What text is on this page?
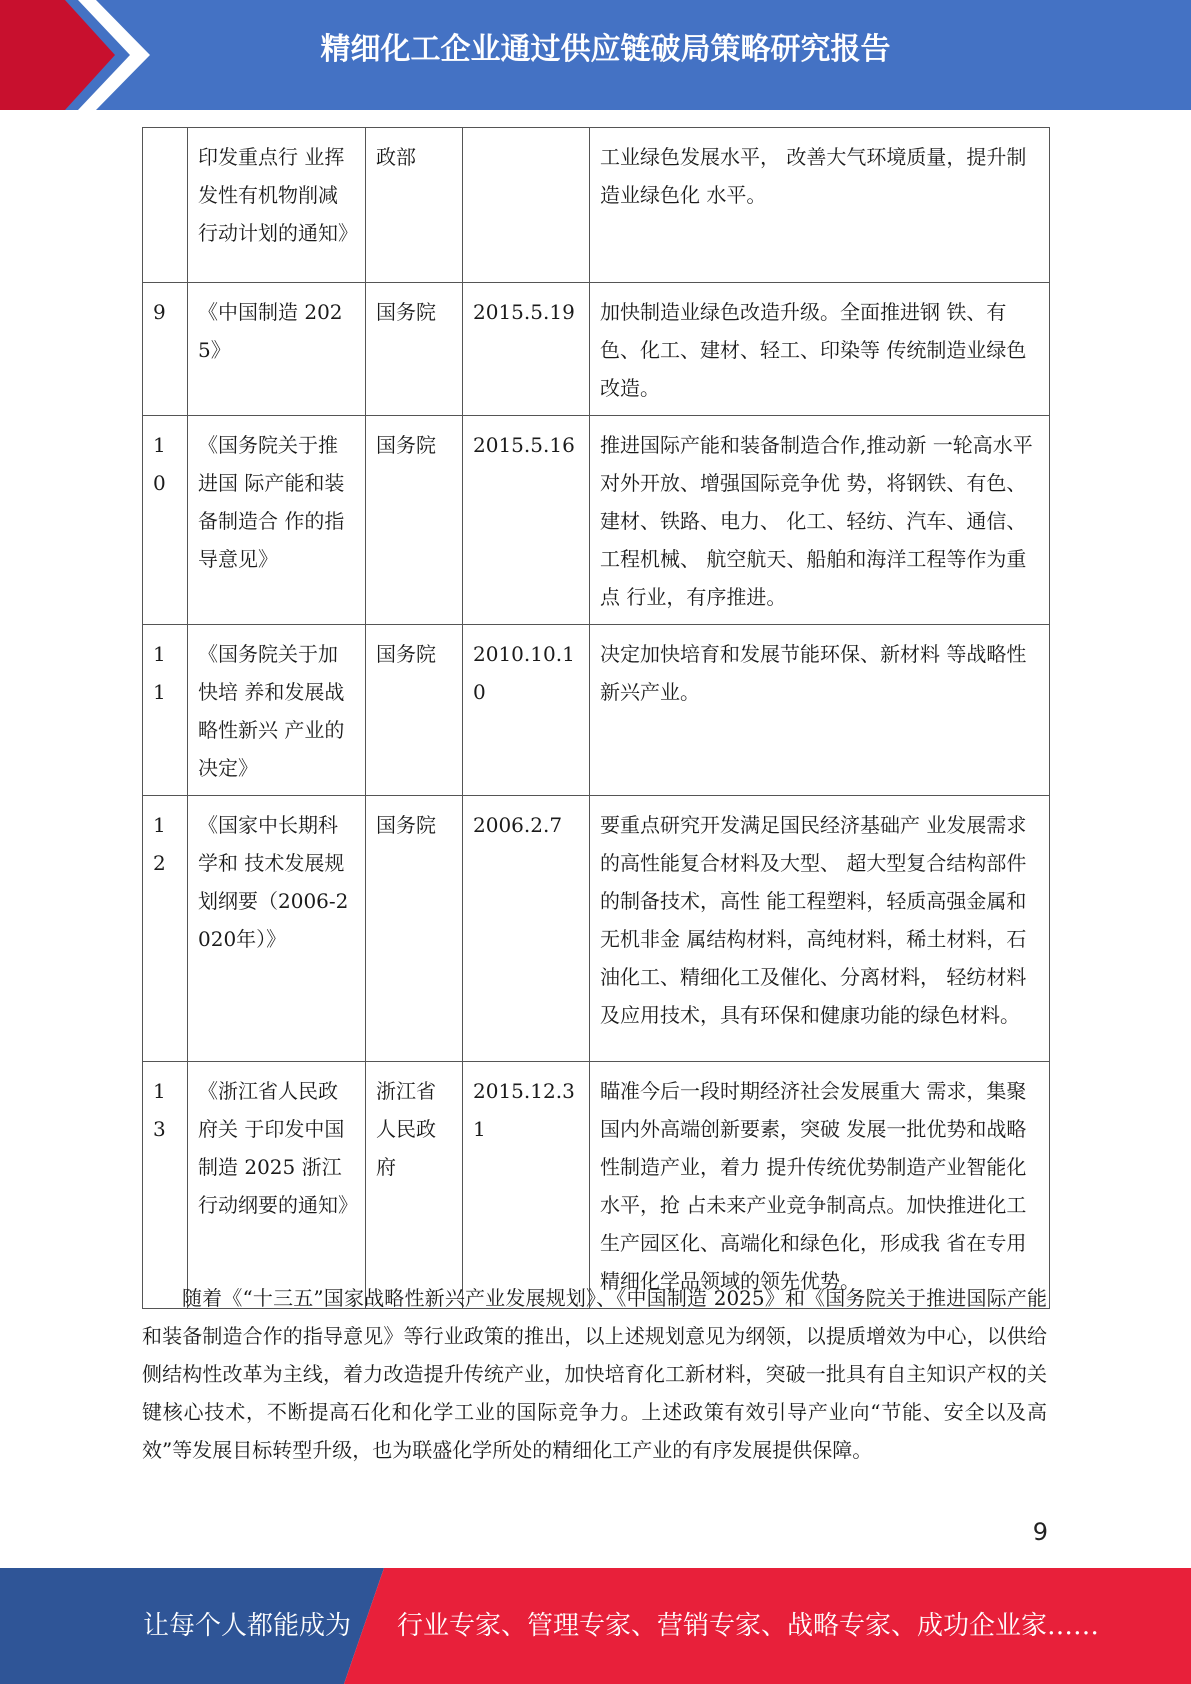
精细化工企业通过供应链破局策略研究报告
	印发重点行 业挥发性有机物削减 行动计划的通知》	政部		工业绿色发展水平， 改善大气环境质量，提升制造业绿色化 水平。
9	《中国制造 2025》	国务院	2015.5.19	加快制造业绿色改造升级。全面推进钢 铁、有色、化工、建材、轻工、印染等 传统制造业绿色改造。
10	《国务院关于推进国 际产能和装备制造合 作的指导意见》	国务院	2015.5.16	推进国际产能和装备制造合作,推动新 一轮高水平对外开放、增强国际竞争优 势，将钢铁、有色、建材、铁路、电力、 化工、轻纺、汽车、通信、工程机械、 航空航天、船舶和海洋工程等作为重点 行业，有序推进。
11	《国务院关于加快培 养和发展战略性新兴 产业的决定》	国务院	2010.10.10	决定加快培育和发展节能环保、新材料 等战略性新兴产业。
12	《国家中长期科学和 技术发展规划纲要（2006-2020年）》	国务院	2006.2.7	要重点研究开发满足国民经济基础产 业发展需求的高性能复合材料及大型、 超大型复合结构部件的制备技术，高性 能工程塑料，轻质高强金属和无机非金 属结构材料，高纯材料，稀土材料，石 油化工、精细化工及催化、分离材料， 轻纺材料及应用技术，具有环保和健康功能的绿色材料。
13	《浙江省人民政府关 于印发中国制造 2025 浙江行动纲要的通知》	浙江省人民政府	2015.12.31	瞄准今后一段时期经济社会发展重大 需求，集聚国内外高端创新要素，突破 发展一批优势和战略性制造产业，着力 提升传统优势制造产业智能化水平，抢 占未来产业竞争制高点。加快推进化工 生产园区化、高端化和绿色化，形成我 省在专用精细化学品领域的领先优势。

随着《“十三五”国家战略性新兴产业发展规划》、《中国制造 2025》和《国务院关于推进国际产能和装备制造合作的指导意见》等行业政策的推出，以上述规划意见为纲领，以提质增效为中心，以供给侧结构性改革为主线，着力改造提升传统产业，加快培育化工新材料，突破一批具有自主知识产权的关键核心技术，不断提高石化和化学工业的国际竞争力。上述政策有效引导产业向“节能、安全以及高效”等发展目标转型升级，也为联盛化学所处的精细化工产业的有序发展提供保障。

9
让每个人都能成为 行业专家、管理专家、营销专家、战略专家、成功企业家……
